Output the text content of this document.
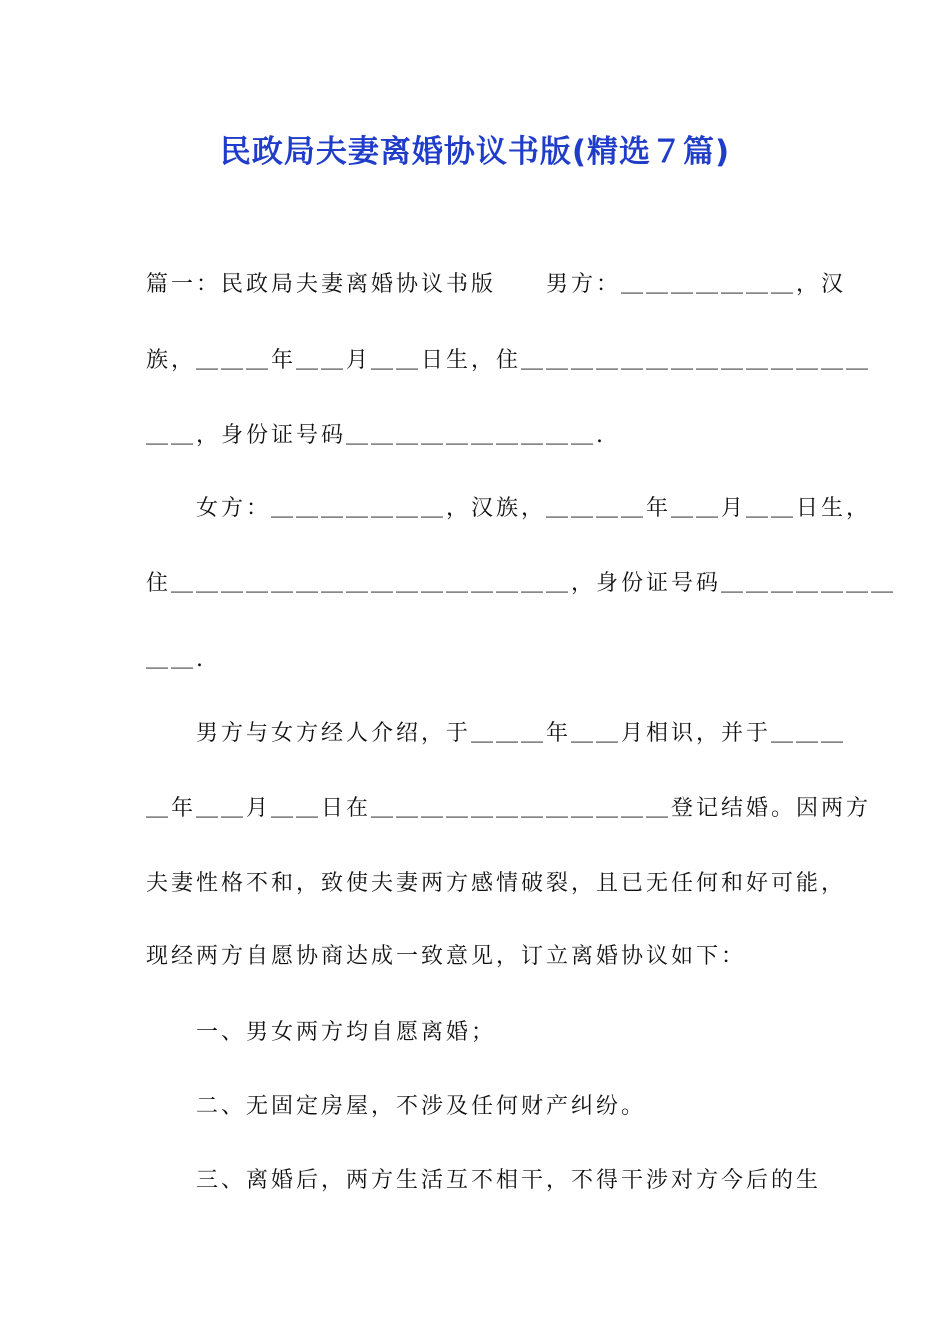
民政局夫妻离婚协议书版(精选７篇)

篇一：民政局夫妻离婚协议书版　　男方：＿＿＿＿＿＿＿，汉

族，＿＿＿年＿＿月＿＿日生，住＿＿＿＿＿＿＿＿＿＿＿＿＿＿

＿＿，身份证号码＿＿＿＿＿＿＿＿＿＿.

　　女方：＿＿＿＿＿＿＿，汉族，＿＿＿＿年＿＿月＿＿日生，

住＿＿＿＿＿＿＿＿＿＿＿＿＿＿＿＿，身份证号码＿＿＿＿＿＿＿

＿＿.

　　男方与女方经人介绍，于＿＿＿年＿＿月相识，并于＿＿＿

＿年＿＿月＿＿日在＿＿＿＿＿＿＿＿＿＿＿＿登记结婚。因两方

夫妻性格不和，致使夫妻两方感情破裂，且已无任何和好可能，

现经两方自愿协商达成一致意见，订立离婚协议如下：

　　一、男女两方均自愿离婚；

　　二、无固定房屋，不涉及任何财产纠纷。

　　三、离婚后，两方生活互不相干，不得干涉对方今后的生
